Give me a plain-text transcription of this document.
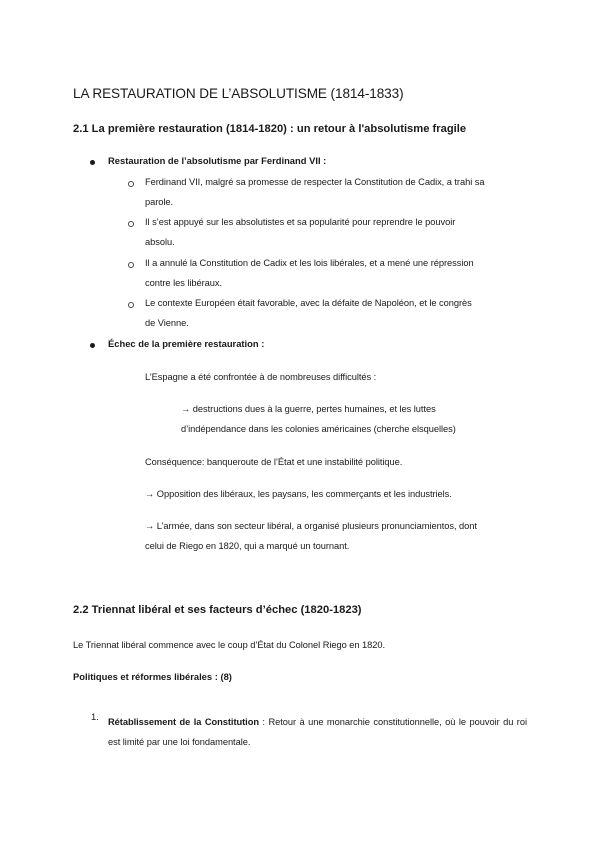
LA RESTAURATION DE L’ABSOLUTISME (1814-1833)
2.1 La première restauration (1814-1820) : un retour à l'absolutisme fragile
Restauration de l’absolutisme par Ferdinand VII :
Ferdinand VII, malgré sa promesse de respecter la Constitution de Cadix, a trahi sa
parole.
Il s’est appuyé sur les absolutistes et sa popularité pour reprendre le pouvoir
absolu.
Il a annulé la Constitution de Cadix et les lois libérales, et a mené une répression
contre les libéraux.
Le contexte Européen était favorable, avec la défaite de Napoléon, et le congrès
de Vienne.
Échec de la première restauration :
L’Espagne a été confrontée à de nombreuses difficultés :
→ destructions dues à la guerre, pertes humaines, et les luttes
d’indépendance dans les colonies américaines (cherche elsquelles)
Conséquence: banqueroute de l’État et une instabilité politique.
→ Opposition des libéraux, les paysans, les commerçants et les industriels.
→ L’armée, dans son secteur libéral, a organisé plusieurs pronunciamientos, dont
celui de Riego en 1820, qui a marqué un tournant.
2.2 Triennat libéral et ses facteurs d’échec (1820-1823)
Le Triennat libéral commence avec le coup d’État du Colonel Riego en 1820.
Politiques et réformes libérales : (8)
1. Rétablissement de la Constitution : Retour à une monarchie constitutionnelle, où le pouvoir du roi est limité par une loi fondamentale.
